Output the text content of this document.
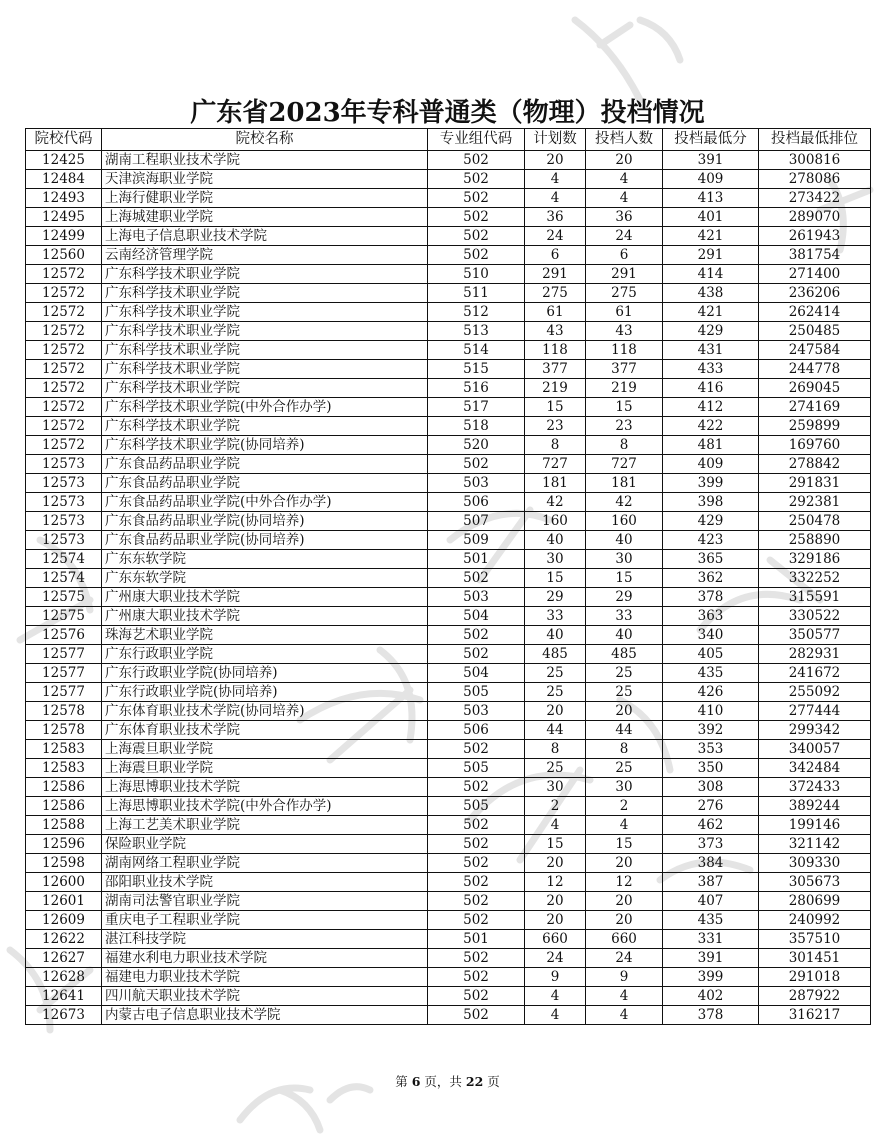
广东省2023年专科普通类（物理）投档情况
院校代码	院校名称	专业组代码	计划数	投档人数	投档最低分	投档最低排位
12425	湖南工程职业技术学院	502	20	20	391	300816
12484	天津滨海职业学院	502	4	4	409	278086
12493	上海行健职业学院	502	4	4	413	273422
12495	上海城建职业学院	502	36	36	401	289070
12499	上海电子信息职业技术学院	502	24	24	421	261943
12560	云南经济管理学院	502	6	6	291	381754
12572	广东科学技术职业学院	510	291	291	414	271400
12572	广东科学技术职业学院	511	275	275	438	236206
12572	广东科学技术职业学院	512	61	61	421	262414
12572	广东科学技术职业学院	513	43	43	429	250485
12572	广东科学技术职业学院	514	118	118	431	247584
12572	广东科学技术职业学院	515	377	377	433	244778
12572	广东科学技术职业学院	516	219	219	416	269045
12572	广东科学技术职业学院(中外合作办学)	517	15	15	412	274169
12572	广东科学技术职业学院	518	23	23	422	259899
12572	广东科学技术职业学院(协同培养)	520	8	8	481	169760
12573	广东食品药品职业学院	502	727	727	409	278842
12573	广东食品药品职业学院	503	181	181	399	291831
12573	广东食品药品职业学院(中外合作办学)	506	42	42	398	292381
12573	广东食品药品职业学院(协同培养)	507	160	160	429	250478
12573	广东食品药品职业学院(协同培养)	509	40	40	423	258890
12574	广东东软学院	501	30	30	365	329186
12574	广东东软学院	502	15	15	362	332252
12575	广州康大职业技术学院	503	29	29	378	315591
12575	广州康大职业技术学院	504	33	33	363	330522
12576	珠海艺术职业学院	502	40	40	340	350577
12577	广东行政职业学院	502	485	485	405	282931
12577	广东行政职业学院(协同培养)	504	25	25	435	241672
12577	广东行政职业学院(协同培养)	505	25	25	426	255092
12578	广东体育职业技术学院(协同培养)	503	20	20	410	277444
12578	广东体育职业技术学院	506	44	44	392	299342
12583	上海震旦职业学院	502	8	8	353	340057
12583	上海震旦职业学院	505	25	25	350	342484
12586	上海思博职业技术学院	502	30	30	308	372433
12586	上海思博职业技术学院(中外合作办学)	505	2	2	276	389244
12588	上海工艺美术职业学院	502	4	4	462	199146
12596	保险职业学院	502	15	15	373	321142
12598	湖南网络工程职业学院	502	20	20	384	309330
12600	邵阳职业技术学院	502	12	12	387	305673
12601	湖南司法警官职业学院	502	20	20	407	280699
12609	重庆电子工程职业学院	502	20	20	435	240992
12622	湛江科技学院	501	660	660	331	357510
12627	福建水利电力职业技术学院	502	24	24	391	301451
12628	福建电力职业技术学院	502	9	9	399	291018
12641	四川航天职业技术学院	502	4	4	402	287922
12673	内蒙古电子信息职业技术学院	502	4	4	378	316217
第 6 页，共 22 页
